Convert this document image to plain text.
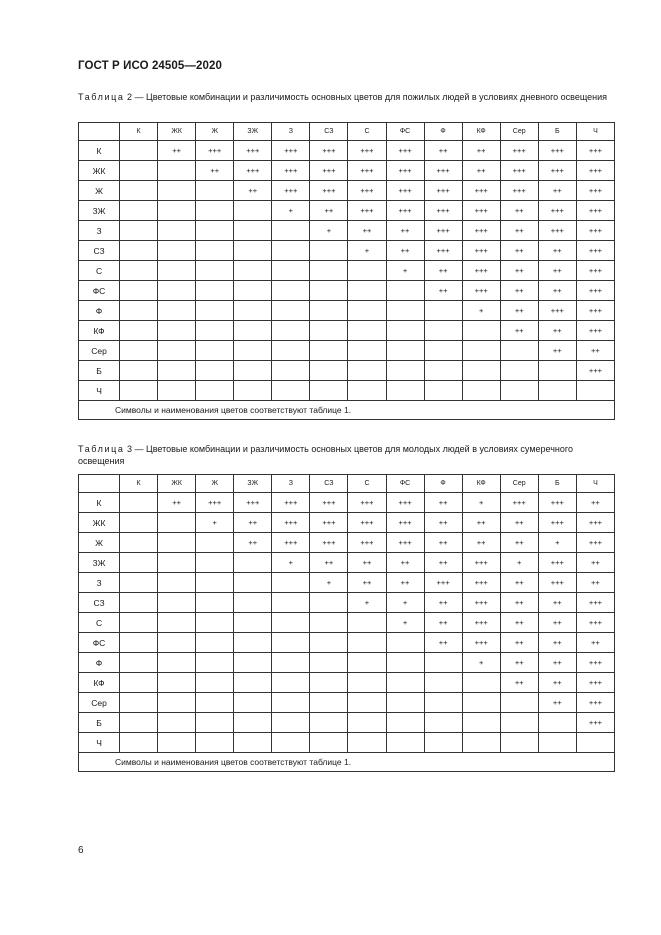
ГОСТ Р ИСО 24505—2020
Таблица 2 — Цветовые комбинации и различимость основных цветов для пожилых людей в условиях дневного освещения
	К	ЖК	Ж	ЗЖ	З	СЗ	С	ФС	Ф	КФ	Сер	Б	Ч
К		++	+++	+++	+++	+++	+++	+++	++	++	+++	+++	+++
ЖК			++	+++	+++	+++	+++	+++	+++	++	+++	+++	+++
Ж				++	+++	+++	+++	+++	+++	+++	+++	++	+++
ЗЖ					+	++	+++	+++	+++	+++	++	+++	+++
З						+	++	++	+++	+++	++	+++	+++
СЗ							+	++	+++	+++	++	++	+++
С								+	++	+++	++	++	+++
ФС									++	+++	++	++	+++
Ф										+	++	+++	+++
КФ											++	++	+++
Сер												++	++
Б													+++
Ч													
Символы и наименования цветов соответствуют таблице 1.													
Таблица 3 — Цветовые комбинации и различимость основных цветов для молодых людей в условиях сумеречного освещения
	К	ЖК	Ж	ЗЖ	З	СЗ	С	ФС	Ф	КФ	Сер	Б	Ч
К		++	+++	+++	+++	+++	+++	+++	++	+	+++	+++	++
ЖК			+	++	+++	+++	+++	+++	++	++	++	+++	+++
Ж				++	+++	+++	+++	+++	++	++	++	+	+++
ЗЖ					+	++	++	++	++	+++	+	+++	++
З						+	++	++	+++	+++	++	+++	++
СЗ							+	+	++	+++	++	++	+++
С								+	++	+++	++	++	+++
ФС									++	+++	++	++	++
Ф										+	++	++	+++
КФ											++	++	+++
Сер												++	+++
Б													+++
Ч													
Символы и наименования цветов соответствуют таблице 1.													
6
